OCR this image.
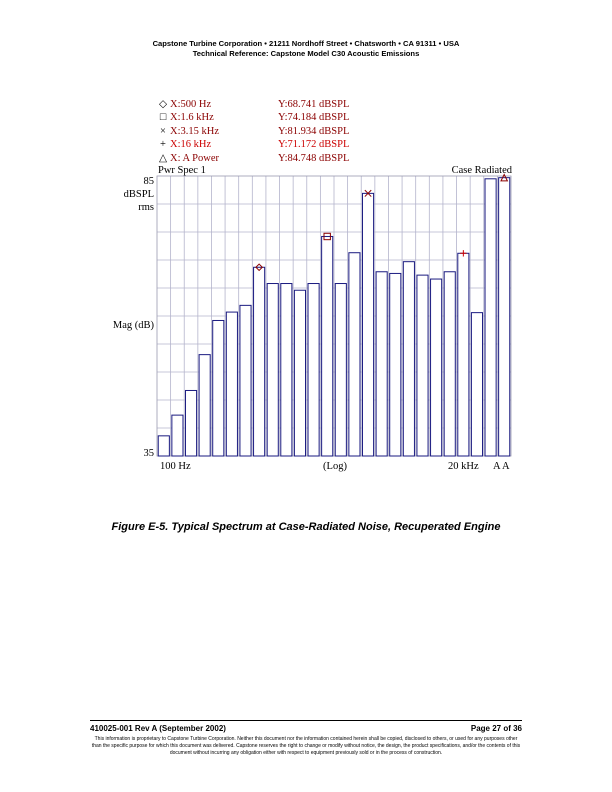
Capstone Turbine Corporation • 21211 Nordhoff Street • Chatsworth • CA 91311 • USA
Technical Reference: Capstone Model C30 Acoustic Emissions
◇ X:500 Hz	Y:68.741 dBSPL
□ X:1.6 kHz	Y:74.184 dBSPL
× X:3.15 kHz	Y:81.934 dBSPL
+ X:16 kHz	Y:71.172 dBSPL
△ X: A Power	Y:84.748 dBSPL
Pwr Spec 1	Case Radiated
85
dBSPL
rms
Mag (dB)
35
100 Hz	(Log)	20 kHz A A
Figure E-5. Typical Spectrum at Case-Radiated Noise, Recuperated Engine
410025-001 Rev A (September 2002)	Page 27 of 36
This information is proprietary to Capstone Turbine Corporation. Neither this document nor the information contained herein shall be copied, disclosed to others, or used for any purposes other than the specific purpose for which this document was delivered. Capstone reserves the right to change or modify without notice, the design, the product specifications, and/or the contents of this document without incurring any obligation either with respect to equipment previously sold or in the process of construction.
